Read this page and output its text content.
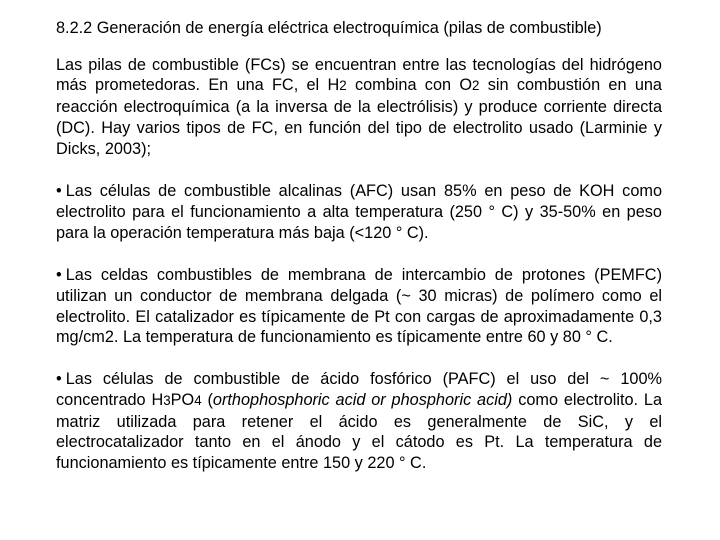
8.2.2 Generación de energía eléctrica electroquímica (pilas de combustible)

Las pilas de combustible (FCs) se encuentran entre las tecnologías del hidrógeno más prometedoras. En una FC, el H2 combina con O2 sin combustión en una reacción electroquímica (a la inversa de la electrólisis) y produce corriente directa (DC). Hay varios tipos de FC, en función del tipo de electrolito usado (Larminie y Dicks, 2003);

• Las células de combustible alcalinas (AFC) usan 85% en peso de KOH como electrolito para el funcionamiento a alta temperatura (250 ° C) y 35-50% en peso para la operación temperatura más baja (<120 ° C).

• Las celdas combustibles de membrana de intercambio de protones (PEMFC) utilizan un conductor de membrana delgada (~ 30 micras) de polímero como el electrolito. El catalizador es típicamente de Pt con cargas de aproximadamente 0,3 mg/cm2. La temperatura de funcionamiento es típicamente entre 60 y 80 ° C.

• Las células de combustible de ácido fosfórico (PAFC) el uso del ~ 100% concentrado H3PO4 (orthophosphoric acid or phosphoric acid) como electrolito. La matriz utilizada para retener el ácido es generalmente de SiC, y el electrocatalizador tanto en el ánodo y el cátodo es Pt. La temperatura de funcionamiento es típicamente entre 150 y 220 ° C.
